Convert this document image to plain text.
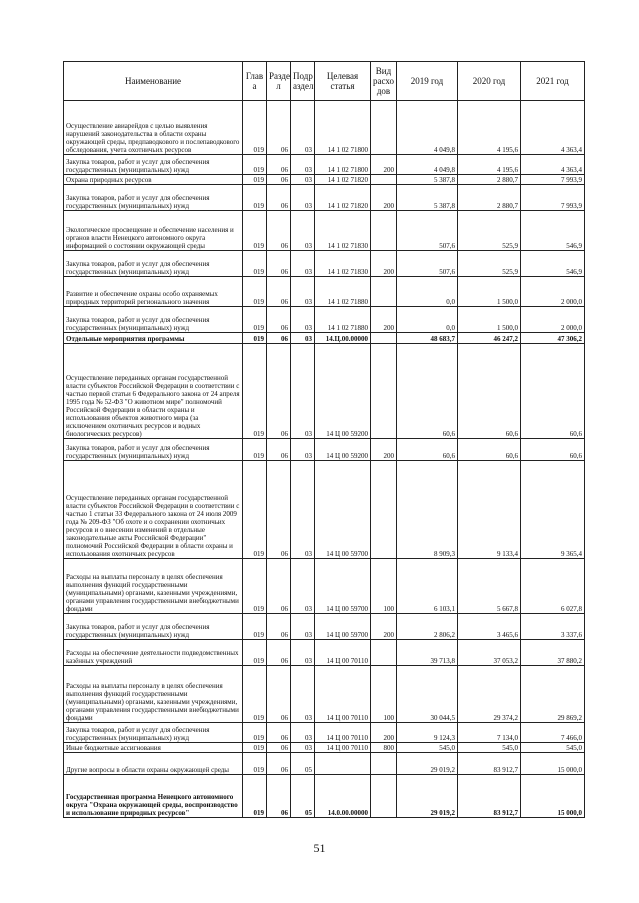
Наименование	Глав а	Разде л	Подр аздел	Целевая статья	Вид расхо дов	2019 год	2020 год	2021 год
Осуществление авиарейдов с целью выявления нарушений законодательства в области охраны окружающей среды, предпаводкового и послепаводкового обследования, учета охотничьих ресурсов	019	06	03	14 1 02 71800		4 049,8	4 195,6	4 363,4
Закупка товаров, работ и услуг для обеспечения государственных (муниципальных) нужд	019	06	03	14 1 02 71800	200	4 049,8	4 195,6	4 363,4
Охрана природных ресурсов	019	06	03	14 1 02 71820		5 387,8	2 880,7	7 993,9
Закупка товаров, работ и услуг для обеспечения государственных (муниципальных) нужд	019	06	03	14 1 02 71820	200	5 387,8	2 880,7	7 993,9
Экологическое просвещение и обеспечение населения и органов власти Ненецкого автономного округа информацией о состоянии окружающей среды	019	06	03	14 1 02 71830		507,6	525,9	546,9
Закупка товаров, работ и услуг для обеспечения государственных (муниципальных) нужд	019	06	03	14 1 02 71830	200	507,6	525,9	546,9
Развитие и обеспечение охраны особо охраняемых природных территорий регионального значения	019	06	03	14 1 02 71880		0,0	1 500,0	2 000,0
Закупка товаров, работ и услуг для обеспечения государственных (муниципальных) нужд	019	06	03	14 1 02 71880	200	0,0	1 500,0	2 000,0
Отдельные мероприятия программы	019	06	03	14.Ц.00.00000		48 683,7	46 247,2	47 306,2
Осуществление переданных органам государственной власти субъектов Российской Федерации в соответствии с частью первой статьи 6 Федерального закона от 24 апреля 1995 года № 52-ФЗ "О животном мире" полномочий Российской Федерации в области охраны и использования объектов животного мира (за исключением охотничьих ресурсов и водных биологических ресурсов)	019	06	03	14 Ц 00 59200		60,6	60,6	60,6
Закупка товаров, работ и услуг для обеспечения государственных (муниципальных) нужд	019	06	03	14 Ц 00 59200	200	60,6	60,6	60,6
Осуществление переданных органам государственной власти субъектов Российской Федерации в соответствии с частью 1 статьи 33 Федерального закона от 24 июля 2009 года № 209-ФЗ "Об охоте и о сохранении охотничьих ресурсов и о внесении изменений в отдельные законодательные акты Российской Федерации" полномочий Российской Федерации в области охраны и использования охотничьих ресурсов	019	06	03	14 Ц 00 59700		8 909,3	9 133,4	9 365,4
Расходы на выплаты персоналу в целях обеспечения выполнения функций государственными (муниципальными) органами, казенными учреждениями, органами управления государственными внебюджетными фондами	019	06	03	14 Ц 00 59700	100	6 103,1	5 667,8	6 027,8
Закупка товаров, работ и услуг для обеспечения государственных (муниципальных) нужд	019	06	03	14 Ц 00 59700	200	2 806,2	3 465,6	3 337,6
Расходы на обеспечение деятельности подведомственных казённых учреждений	019	06	03	14 Ц 00 70110		39 713,8	37 053,2	37 880,2
Расходы на выплаты персоналу в целях обеспечения выполнения функций государственными (муниципальными) органами, казенными учреждениями, органами управления государственными внебюджетными фондами	019	06	03	14 Ц 00 70110	100	30 044,5	29 374,2	29 869,2
Закупка товаров, работ и услуг для обеспечения государственных (муниципальных) нужд	019	06	03	14 Ц 00 70110	200	9 124,3	7 134,0	7 466,0
Иные бюджетные ассигнования	019	06	03	14 Ц 00 70110	800	545,0	545,0	545,0
Другие вопросы в области охраны окружающей среды	019	06	05			29 019,2	83 912,7	15 000,0
Государственная программа Ненецкого автономного округа "Охрана окружающей среды, воспроизводство и использование природных ресурсов"	019	06	05	14.0.00.00000		29 019,2	83 912,7	15 000,0
51
